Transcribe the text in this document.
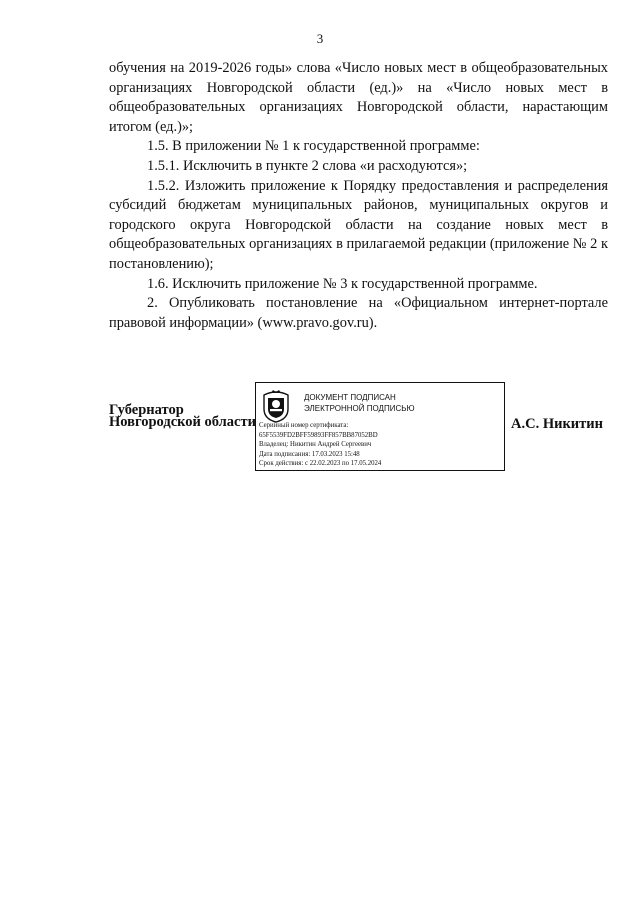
3

обучения на 2019-2026 годы» слова «Число новых мест в общеобразовательных организациях Новгородской области (ед.)» на «Число новых мест в общеобразовательных организациях Новгородской области, нарастающим итогом (ед.)»;

1.5. В приложении № 1 к государственной программе:

1.5.1. Исключить в пункте 2 слова «и расходуются»;

1.5.2. Изложить приложение к Порядку предоставления и распределения субсидий бюджетам муниципальных районов, муниципальных округов и городского округа Новгородской области на создание новых мест в общеобразовательных организациях в прилагаемой редакции (приложение № 2 к постановлению);

1.6. Исключить приложение № 3 к государственной программе.

2. Опубликовать постановление на «Официальном интернет-портале правовой информации» (www.pravo.gov.ru).

Губернатор
Новгородской области
ДОКУМЕНТ ПОДПИСАН
ЭЛЕКТРОННОЙ ПОДПИСЬЮ
Серийный номер сертификата:
65F5539FD2BFF59893FF857BB87052BD
Владелец: Никитин Андрей Сергеевич
Дата подписания: 17.03.2023 15:48
Срок действия: с 22.02.2023 по 17.05.2024
А.С. Никитин
